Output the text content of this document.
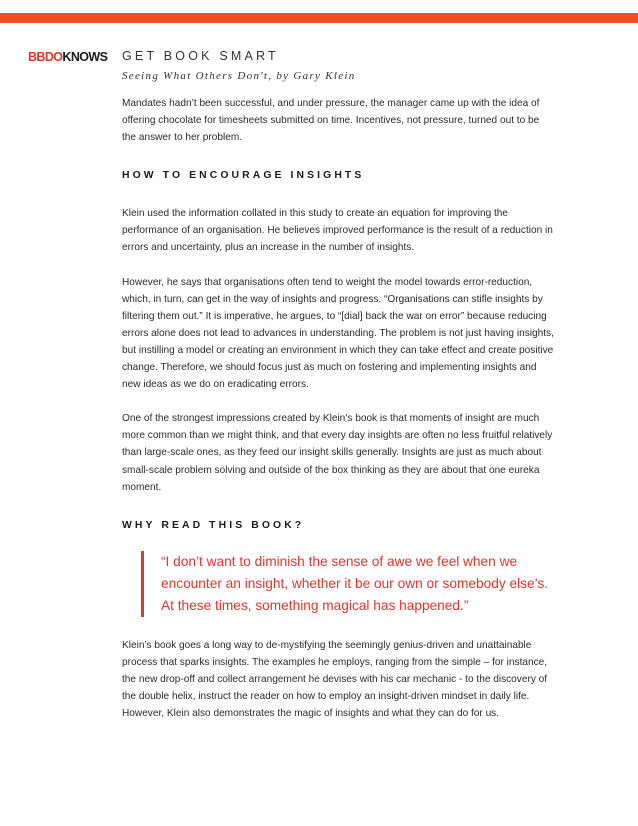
BBDOKNOWS GET BOOK SMART
Seeing What Others Don't, by Gary Klein

Mandates hadn’t been successful, and under pressure, the manager came up with the idea of offering chocolate for timesheets submitted on time. Incentives, not pressure, turned out to be the answer to her problem.

HOW TO ENCOURAGE INSIGHTS

Klein used the information collated in this study to create an equation for improving the performance of an organisation. He believes improved performance is the result of a reduction in errors and uncertainty, plus an increase in the number of insights.

However, he says that organisations often tend to weight the model towards error-reduction, which, in turn, can get in the way of insights and progress. “Organisations can stifle insights by filtering them out.” It is imperative, he argues, to “[dial] back the war on error” because reducing errors alone does not lead to advances in understanding. The problem is not just having insights, but instilling a model or creating an environment in which they can take effect and create positive change. Therefore, we should focus just as much on fostering and implementing insights and new ideas as we do on eradicating errors.

One of the strongest impressions created by Klein’s book is that moments of insight are much more common than we might think, and that every day insights are often no less fruitful relatively than large-scale ones, as they feed our insight skills generally. Insights are just as much about small-scale problem solving and outside of the box thinking as they are about that one eureka moment.

WHY READ THIS BOOK?

“I don’t want to diminish the sense of awe we feel when we encounter an insight, whether it be our own or somebody else’s. At these times, something magical has happened.”

Klein’s book goes a long way to de-mystifying the seemingly genius-driven and unattainable process that sparks insights. The examples he employs, ranging from the simple – for instance, the new drop-off and collect arrangement he devises with his car mechanic - to the discovery of the double helix, instruct the reader on how to employ an insight-driven mindset in daily life. However, Klein also demonstrates the magic of insights and what they can do for us.
